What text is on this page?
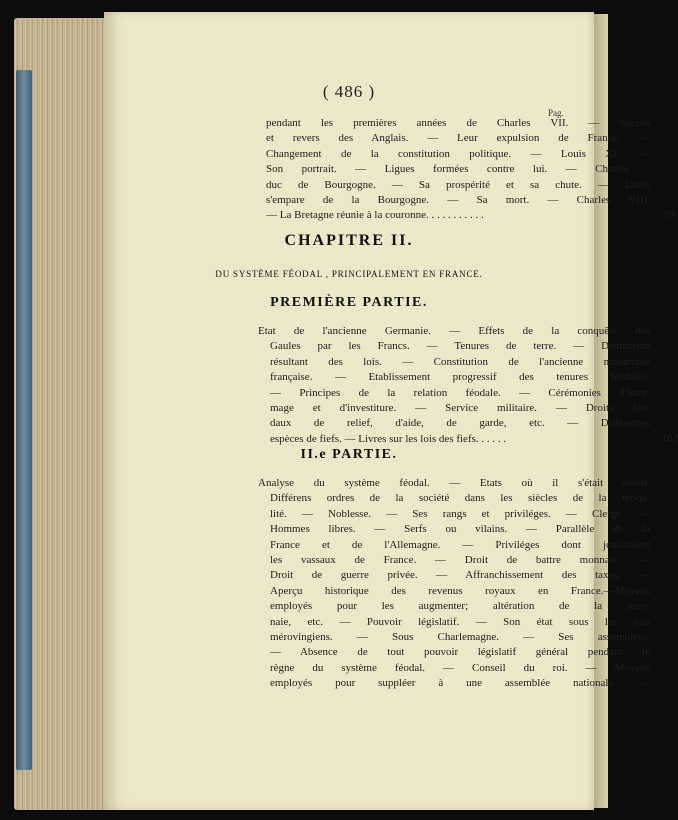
( 486 )
Pag.
pendant les premières années de Charles VII. — Succès
et revers des Anglais. — Leur expulsion de France. —
Changement de la constitution politique. — Louis XI. —
Son portrait. — Ligues formées contre lui. — Charles ,
duc de Bourgogne. — Sa prospérité et sa chute. — Louis
s'empare de la Bourgogne. — Sa mort. — Charles VIII.
— La Bretagne réunie à la couronne. . . . . . . . . . .	79
CHAPITRE II.
DU SYSTÈME FÉODAL , PRINCIPALEMENT EN FRANCE.
PREMIÈRE PARTIE.
Etat de l'ancienne Germanie. — Effets de la conquête des
Gaules par les Francs. — Tenures de terre. — Distinction
résultant des lois. — Constitution de l'ancienne monarchie
française. — Etablissement progressif des tenures féodales.
— Principes de la relation féodale. — Cérémonies d'hom-
mage et d'investiture. — Service militaire. — Droits féo-
daux de relief, d'aide, de garde, etc. — Différentes
espèces de fiefs. — Livres sur les lois des fiefs. . . . . .	163
II.e PARTIE.
Analyse du système féodal. — Etats où il s'était établi.
Différens ordres de la société dans les siècles de la féoda-
lité. — Noblesse. — Ses rangs et priviléges. — Clergé. —
Hommes libres. — Serfs ou vilains. — Parallèle de la
France et de l'Allemagne. — Priviléges dont jouissaient
les vassaux de France. — Droit de battre monnaie. —
Droit de guerre privée. — Affranchissement des taxes. —
Aperçu historique des revenus royaux en France.—Moyens
employés pour les augmenter; altération de la mon-
naie, etc. — Pouvoir législatif. — Son état sous les rois
mérovingiens. — Sous Charlemagne. — Ses assemblées.
— Absence de tout pouvoir législatif général pendant le
règne du système féodal. — Conseil du roi. — Moyens
employés pour suppléer à une assemblée nationale. —
